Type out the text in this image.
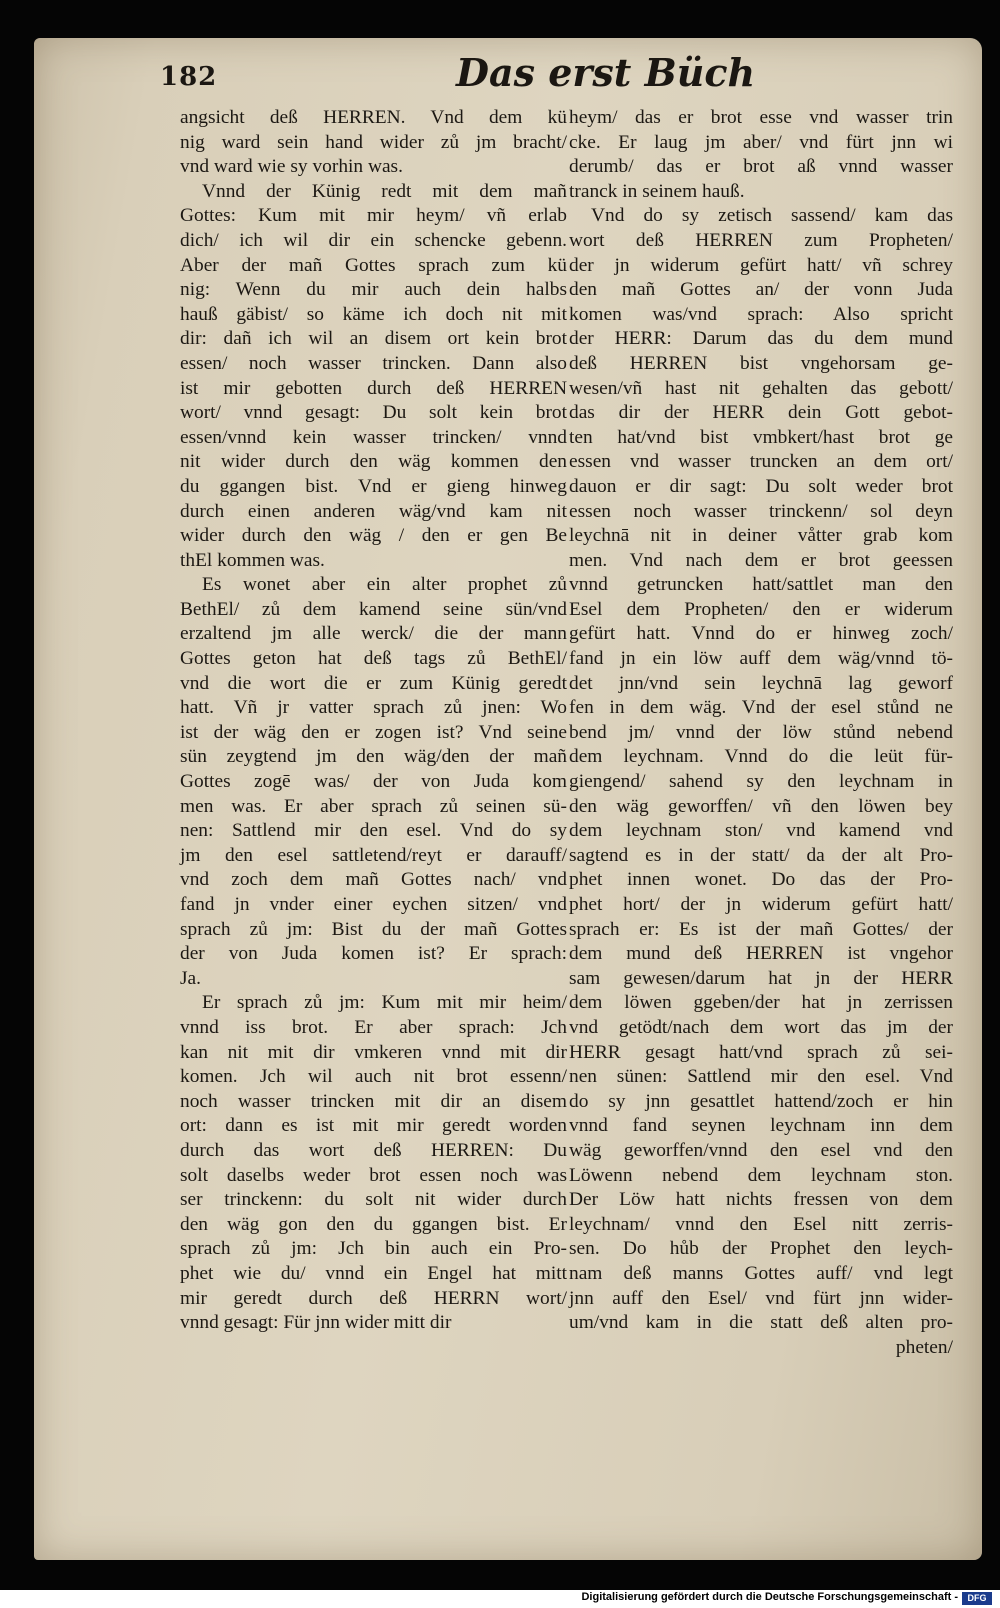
182	Das erst Büch
angsicht deß HERREN. Vnd dem kü
nig ward sein hand wider zů jm bracht/
vnd ward wie sy vorhin was.
Vnnd der Künig redt mit dem mañ
Gottes: Kum mit mir heym/ vñ erlab
dich/ ich wil dir ein schencke gebenn.
Aber der mañ Gottes sprach zum kü
nig: Wenn du mir auch dein halbs
hauß gäbist/ so käme ich doch nit mit
dir: dañ ich wil an disem ort kein brot
essen/ noch wasser trincken. Dann also
ist mir gebotten durch deß HERREN
wort/ vnnd gesagt: Du solt kein brot
essen/vnnd kein wasser trincken/ vnnd
nit wider durch den wäg kommen den
du ggangen bist. Vnd er gieng hinweg
durch einen anderen wäg/vnd kam nit
wider durch den wäg / den er gen Be
thEl kommen was.
Es wonet aber ein alter prophet zů
BethEl/ zů dem kamend seine sün/vnd
erzaltend jm alle werck/ die der mann
Gottes geton hat deß tags zů BethEl/
vnd die wort die er zum Künig geredt
hatt. Vñ jr vatter sprach zů jnen: Wo
ist der wäg den er zogen ist? Vnd seine
sün zeygtend jm den wäg/den der mañ
Gottes zogē was/ der von Juda kom
men was. Er aber sprach zů seinen sü-
nen: Sattlend mir den esel. Vnd do sy
jm den esel sattletend/reyt er darauff/
vnd zoch dem mañ Gottes nach/ vnd
fand jn vnder einer eychen sitzen/ vnd
sprach zů jm: Bist du der mañ Gottes
der von Juda komen ist? Er sprach:
Ja.
Er sprach zů jm: Kum mit mir heim/
vnnd iss brot. Er aber sprach: Jch
kan nit mit dir vmkeren vnnd mit dir
komen. Jch wil auch nit brot essenn/
noch wasser trincken mit dir an disem
ort: dann es ist mit mir geredt worden
durch das wort deß HERREN: Du
solt daselbs weder brot essen noch was
ser trinckenn: du solt nit wider durch
den wäg gon den du ggangen bist. Er
sprach zů jm: Jch bin auch ein Pro-
phet wie du/ vnnd ein Engel hat mitt
mir geredt durch deß HERRN wort/
vnnd gesagt: Für jnn wider mitt dir
heym/ das er brot esse vnd wasser trin
cke. Er laug jm aber/ vnd fürt jnn wi
derumb/ das er brot aß vnnd wasser
tranck in seinem hauß.
Vnd do sy zetisch sassend/ kam das
wort deß HERREN zum Propheten/
der jn widerum gefürt hatt/ vñ schrey
den mañ Gottes an/ der vonn Juda
komen was/vnd sprach: Also spricht
der HERR: Darum das du dem mund
deß HERREN bist vngehorsam ge-
wesen/vñ hast nit gehalten das gebott/
das dir der HERR dein Gott gebot-
ten hat/vnd bist vmbkert/hast brot ge
essen vnd wasser truncken an dem ort/
dauon er dir sagt: Du solt weder brot
essen noch wasser trinckenn/ sol deyn
leychnā nit in deiner våtter grab kom
men. Vnd nach dem er brot geessen
vnnd getruncken hatt/sattlet man den
Esel dem Propheten/ den er widerum
gefürt hatt. Vnnd do er hinweg zoch/
fand jn ein löw auff dem wäg/vnnd tö-
det jnn/vnd sein leychnā lag geworf
fen in dem wäg. Vnd der esel stůnd ne
bend jm/ vnnd der löw stůnd nebend
dem leychnam. Vnnd do die leüt für-
giengend/ sahend sy den leychnam in
den wäg geworffen/ vñ den löwen bey
dem leychnam ston/ vnd kamend vnd
sagtend es in der statt/ da der alt Pro-
phet innen wonet. Do das der Pro-
phet hort/ der jn widerum gefürt hatt/
sprach er: Es ist der mañ Gottes/ der
dem mund deß HERREN ist vngehor
sam gewesen/darum hat jn der HERR
dem löwen ggeben/der hat jn zerrissen
vnd getödt/nach dem wort das jm der
HERR gesagt hatt/vnd sprach zů sei-
nen sünen: Sattlend mir den esel. Vnd
do sy jnn gesattlet hattend/zoch er hin
vnnd fand seynen leychnam inn dem
wäg geworffen/vnnd den esel vnd den
Löwenn nebend dem leychnam ston.
Der Löw hatt nichts fressen von dem
leychnam/ vnnd den Esel nitt zerris-
sen. Do hůb der Prophet den leych-
nam deß manns Gottes auff/ vnd legt
jnn auff den Esel/ vnd fürt jnn wider-
um/vnd kam in die statt deß alten pro-
pheten/
Digitalisierung gefördert durch die Deutsche Forschungsgemeinschaft -	DFG
